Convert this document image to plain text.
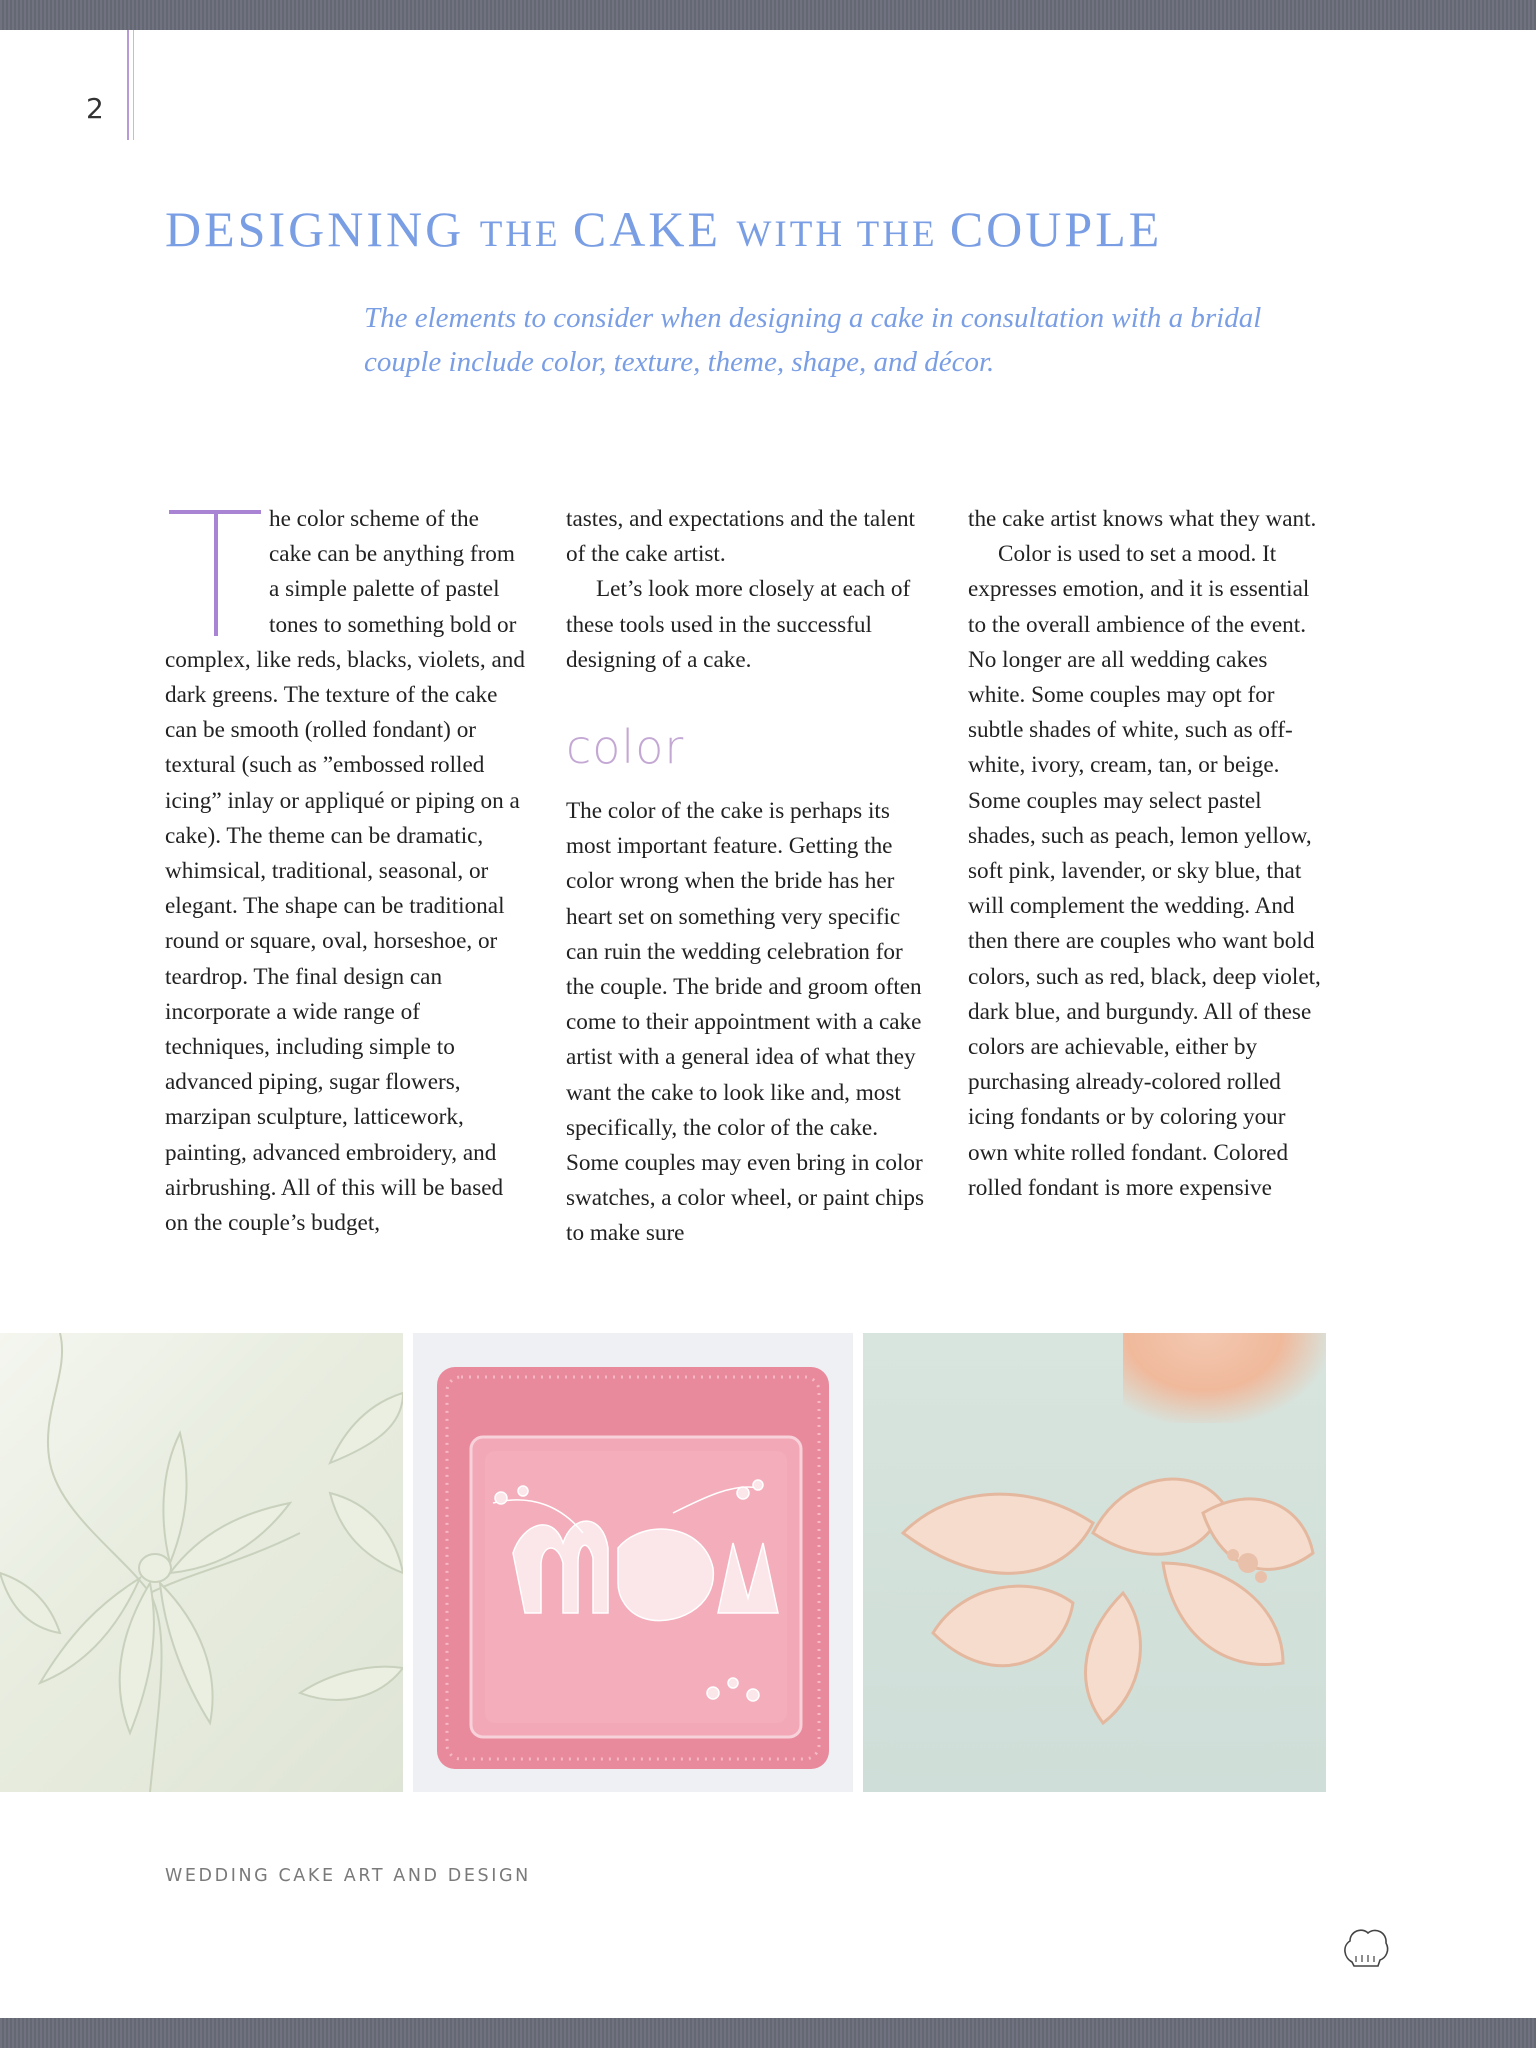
2
DESIGNING THE CAKE WITH THE COUPLE

The elements to consider when designing a cake in consultation with a bridal couple include color, texture, theme, shape, and décor.

he color scheme of the cake can be anything from a simple palette of pastel tones to something bold or complex, like reds, blacks, violets, and dark greens. The texture of the cake can be smooth (rolled fondant) or textural (such as ”embossed rolled icing” inlay or appliqué or piping on a cake). The theme can be dramatic, whimsical, traditional, seasonal, or elegant. The shape can be traditional round or square, oval, horseshoe, or teardrop. The final design can incorporate a wide range of techniques, including simple to advanced piping, sugar flowers, marzipan sculpture, latticework, painting, advanced embroidery, and airbrushing. All of this will be based on the couple’s budget,

tastes, and expectations and the talent of the cake artist.

Let’s look more closely at each of these tools used in the successful designing of a cake.

color

The color of the cake is perhaps its most important feature. Getting the color wrong when the bride has her heart set on something very specific can ruin the wedding celebration for the couple. The bride and groom often come to their appointment with a cake artist with a general idea of what they want the cake to look like and, most specifically, the color of the cake. Some couples may even bring in color swatches, a color wheel, or paint chips to make sure

the cake artist knows what they want.

Color is used to set a mood. It expresses emotion, and it is essential to the overall ambience of the event. No longer are all wedding cakes white. Some couples may opt for subtle shades of white, such as off-white, ivory, cream, tan, or beige. Some couples may select pastel shades, such as peach, lemon yellow, soft pink, lavender, or sky blue, that will complement the wedding. And then there are couples who want bold colors, such as red, black, deep violet, dark blue, and burgundy. All of these colors are achievable, either by purchasing already-colored rolled icing fondants or by coloring your own white rolled fondant. Colored rolled fondant is more expensive

WEDDING CAKE ART AND DESIGN
